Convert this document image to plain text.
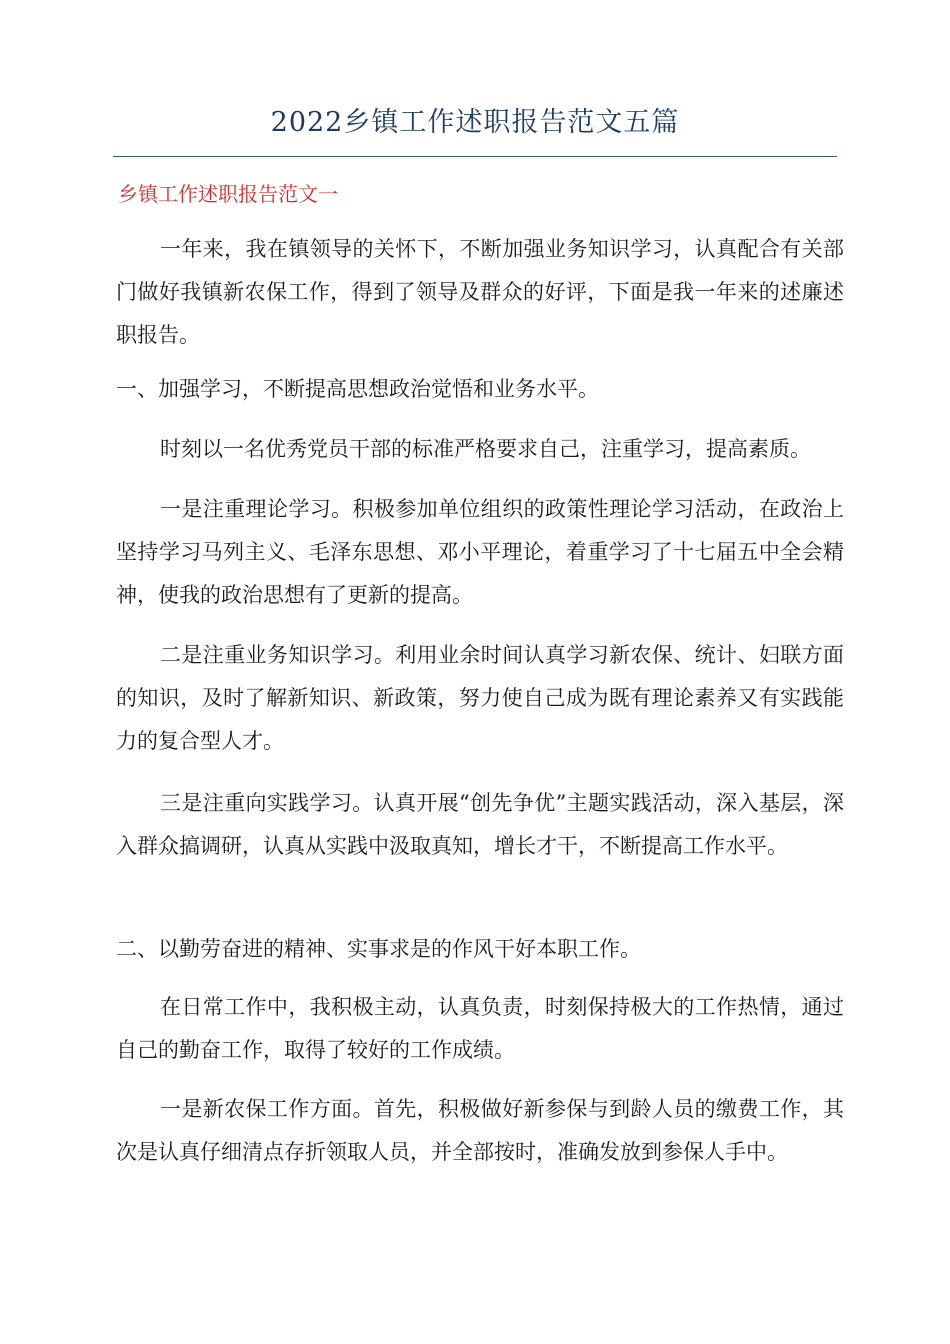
2022乡镇工作述职报告范文五篇
乡镇工作述职报告范文一

一年来，我在镇领导的关怀下，不断加强业务知识学习，认真配合有关部门做好我镇新农保工作，得到了领导及群众的好评，下面是我一年来的述廉述职报告。

一、加强学习，不断提高思想政治觉悟和业务水平。

时刻以一名优秀党员干部的标准严格要求自己，注重学习，提高素质。

一是注重理论学习。积极参加单位组织的政策性理论学习活动，在政治上坚持学习马列主义、毛泽东思想、邓小平理论，着重学习了十七届五中全会精神，使我的政治思想有了更新的提高。

二是注重业务知识学习。利用业余时间认真学习新农保、统计、妇联方面的知识，及时了解新知识、新政策，努力使自己成为既有理论素养又有实践能力的复合型人才。

三是注重向实践学习。认真开展“创先争优”主题实践活动，深入基层，深入群众搞调研，认真从实践中汲取真知，增长才干，不断提高工作水平。

二、以勤劳奋进的精神、实事求是的作风干好本职工作。

在日常工作中，我积极主动，认真负责，时刻保持极大的工作热情，通过自己的勤奋工作，取得了较好的工作成绩。

一是新农保工作方面。首先，积极做好新参保与到龄人员的缴费工作，其次是认真仔细清点存折领取人员，并全部按时，准确发放到参保人手中。
